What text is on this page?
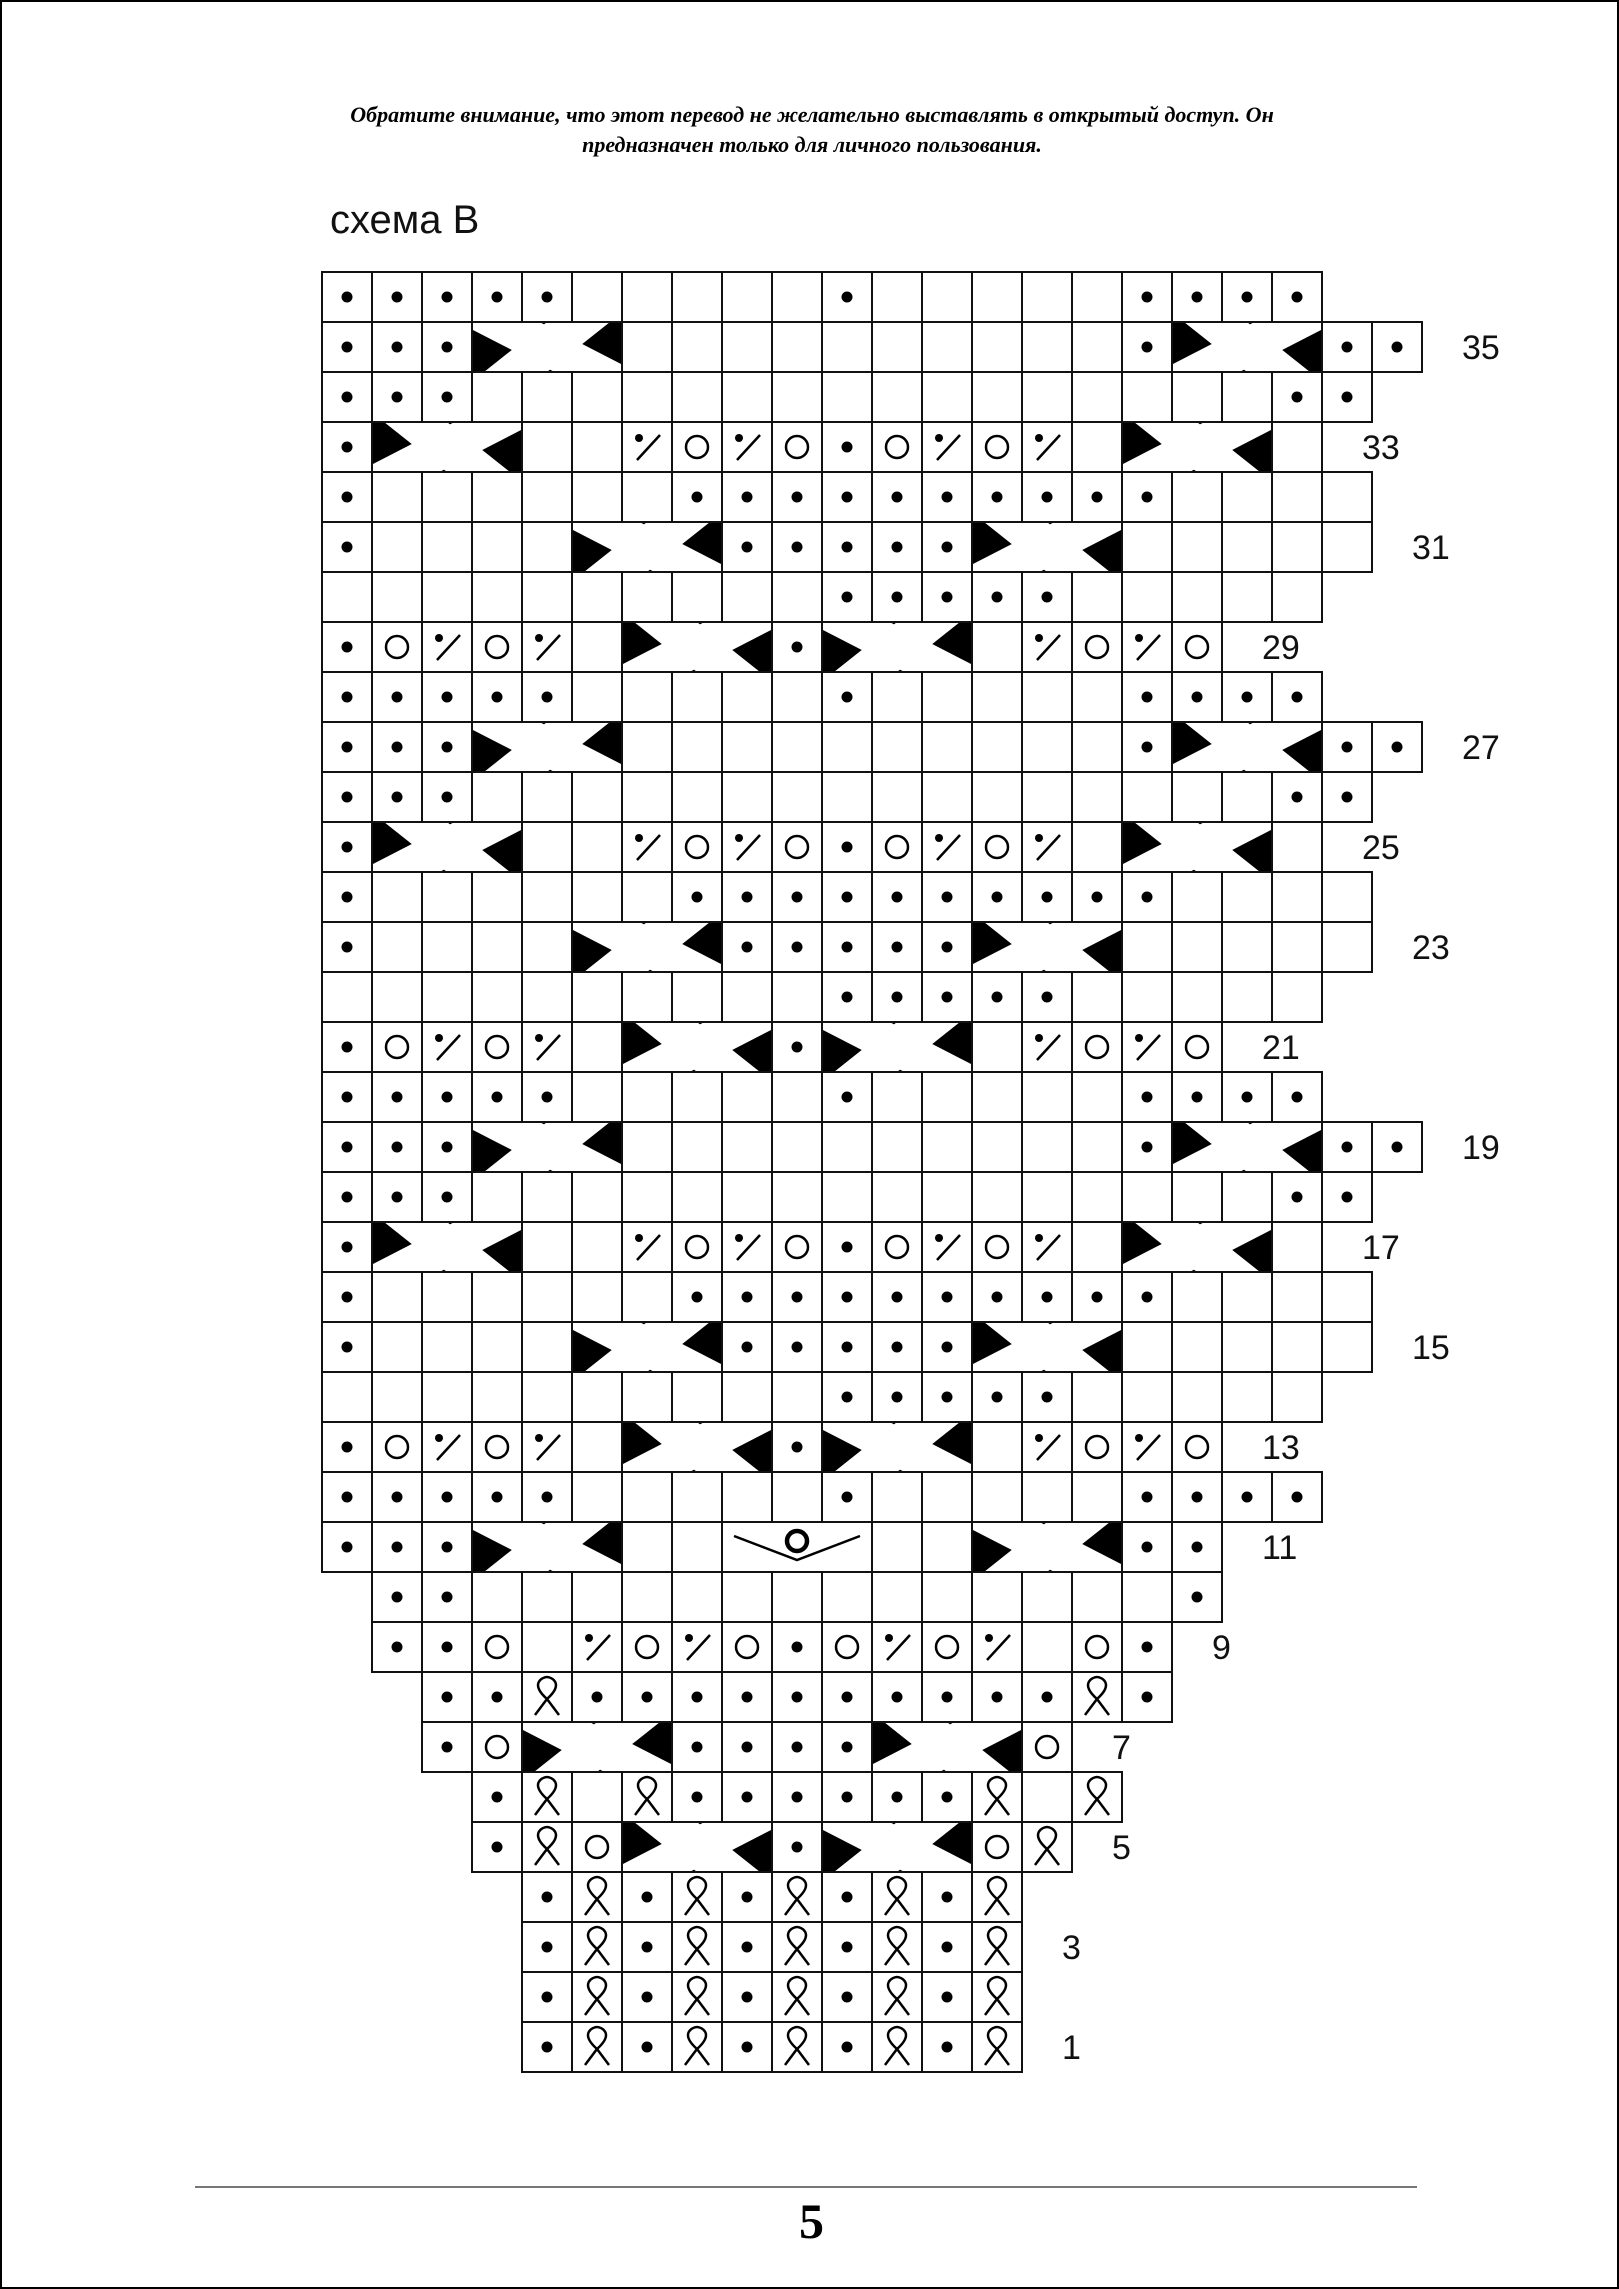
Обратите внимание, что этот перевод не желательно выставлять в открытый доступ. Он
предназначен только для личного пользования.
схема В
35
33
31
29
27
25
23
21
19
17
15
13
11
9
7
5
3
1
5
